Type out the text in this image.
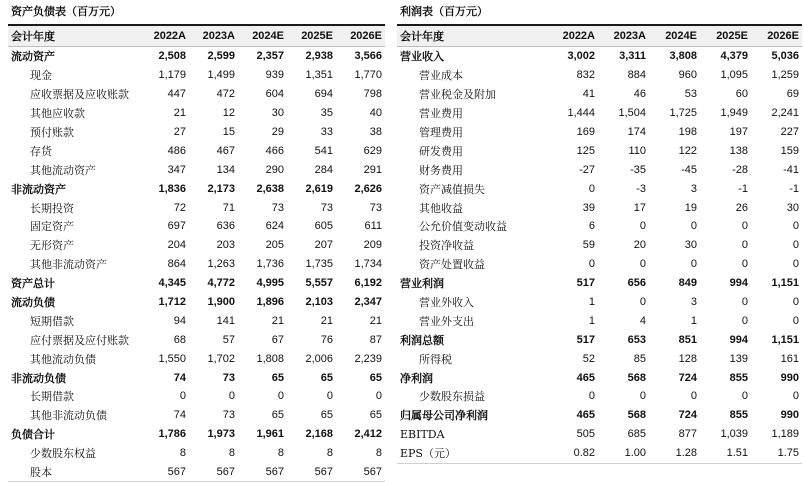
资产负债表（百万元）
会计年度	2022A	2023A	2024E	2025E	2026E
流动资产	2,508	2,599	2,357	2,938	3,566
现金	1,179	1,499	939	1,351	1,770
应收票据及应收账款	447	472	604	694	798
其他应收款	21	12	30	35	40
预付账款	27	15	29	33	38
存货	486	467	466	541	629
其他流动资产	347	134	290	284	291
非流动资产	1,836	2,173	2,638	2,619	2,626
长期投资	72	71	73	73	73
固定资产	697	636	624	605	611
无形资产	204	203	205	207	209
其他非流动资产	864	1,263	1,736	1,735	1,734
资产总计	4,345	4,772	4,995	5,557	6,192
流动负债	1,712	1,900	1,896	2,103	2,347
短期借款	94	141	21	21	21
应付票据及应付账款	68	57	67	76	87
其他流动负债	1,550	1,702	1,808	2,006	2,239
非流动负债	74	73	65	65	65
长期借款	0	0	0	0	0
其他非流动负债	74	73	65	65	65
负债合计	1,786	1,973	1,961	2,168	2,412
少数股东权益	8	8	8	8	8
股本	567	567	567	567	567
利润表（百万元）
会计年度	2022A	2023A	2024E	2025E	2026E
营业收入	3,002	3,311	3,808	4,379	5,036
营业成本	832	884	960	1,095	1,259
营业税金及附加	41	46	53	60	69
营业费用	1,444	1,504	1,725	1,949	2,241
管理费用	169	174	198	197	227
研发费用	125	110	122	138	159
财务费用	-27	-35	-45	-28	-41
资产减值损失	0	-3	3	-1	-1
其他收益	39	17	19	26	30
公允价值变动收益	6	0	0	0	0
投资净收益	59	20	30	0	0
资产处置收益	0	0	0	0	0
营业利润	517	656	849	994	1,151
营业外收入	1	0	3	0	0
营业外支出	1	4	1	0	0
利润总额	517	653	851	994	1,151
所得税	52	85	128	139	161
净利润	465	568	724	855	990
少数股东损益	0	0	0	0	0
归属母公司净利润	465	568	724	855	990
EBITDA	505	685	877	1,039	1,189
EPS（元）	0.82	1.00	1.28	1.51	1.75
